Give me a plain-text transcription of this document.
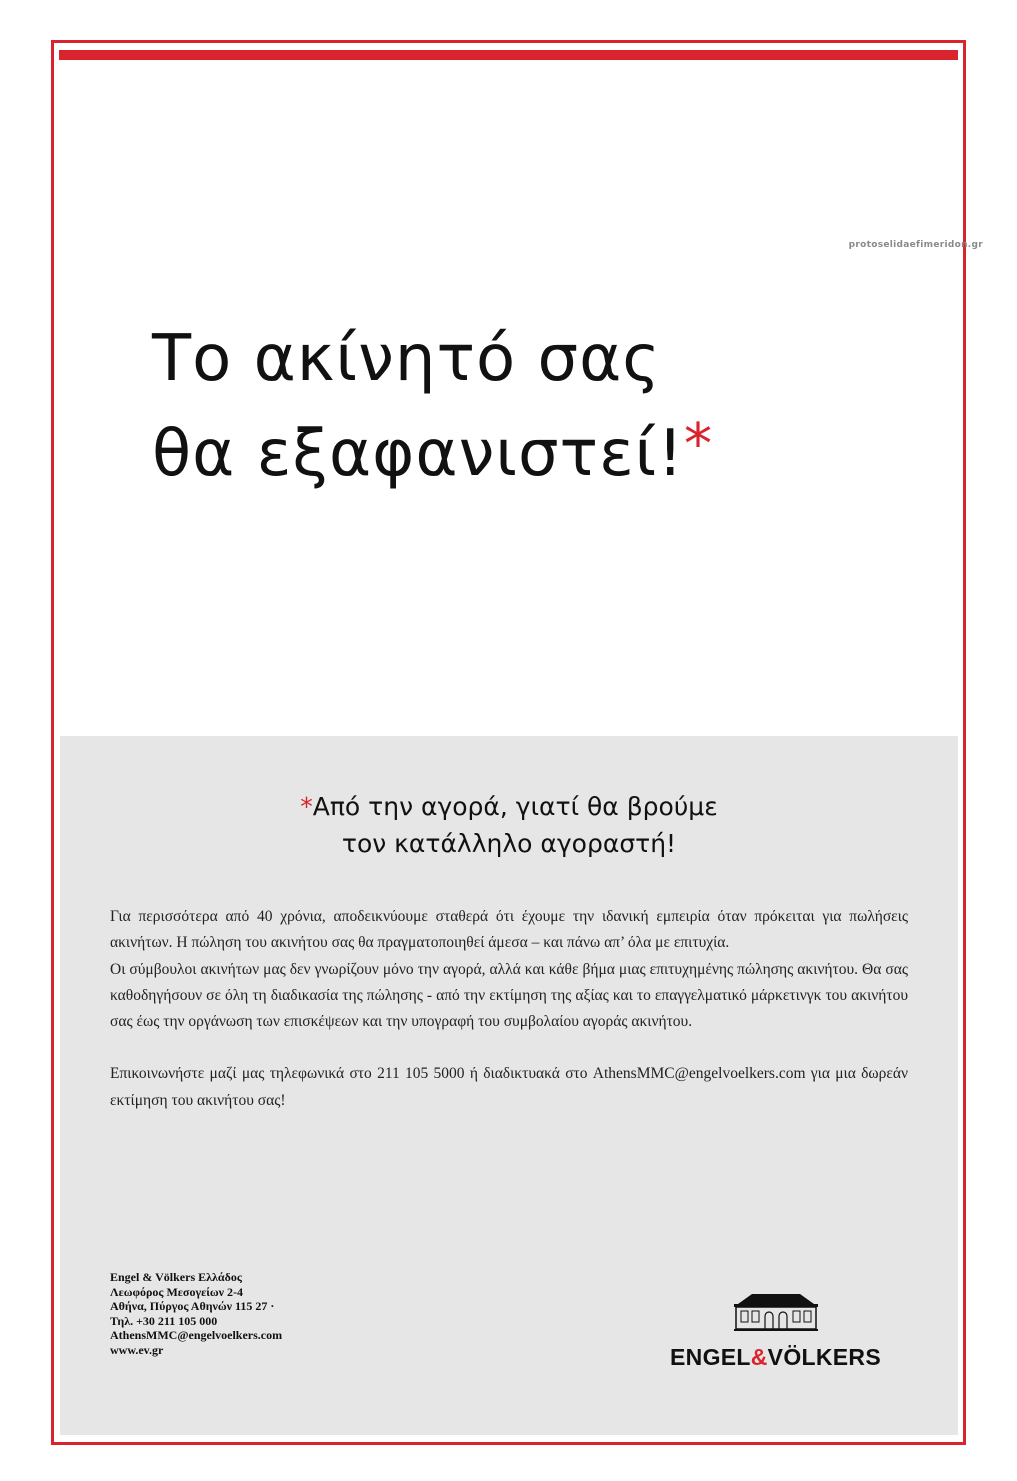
protoselidaefimeridon.gr
Το ακίνητό σας
θα εξαφανιστεί!*
*Από την αγορά, γιατί θα βρούμε
τον κατάλληλο αγοραστή!

Για περισσότερα από 40 χρόνια, αποδεικνύουμε σταθερά ότι έχουμε την ιδανική εμπειρία όταν πρόκειται για πωλήσεις ακινήτων. Η πώληση του ακινήτου σας θα πραγματοποιηθεί άμεσα – και πάνω απ’ όλα με επιτυχία.

Οι σύμβουλοι ακινήτων μας δεν γνωρίζουν μόνο την αγορά, αλλά και κάθε βήμα μιας επιτυχημένης πώλησης ακινήτου. Θα σας καθοδηγήσουν σε όλη τη διαδικασία της πώλησης - από την εκτίμηση της αξίας και το επαγγελματικό μάρκετινγκ του ακινήτου σας έως την οργάνωση των επισκέψεων και την υπογραφή του συμβολαίου αγοράς ακινήτου.

Επικοινωνήστε μαζί μας τηλεφωνικά στο 211 105 5000 ή διαδικτυακά στο AthensMMC@engelvoelkers.com για μια δωρεάν εκτίμηση του ακινήτου σας!

Engel & Völkers Ελλάδος
Λεωφόρος Μεσογείων 2-4
Αθήνα, Πύργος Αθηνών 115 27 ·
Τηλ. +30 211 105 000
AthensMMC@engelvoelkers.com
www.ev.gr	ENGEL&VÖLKERS
